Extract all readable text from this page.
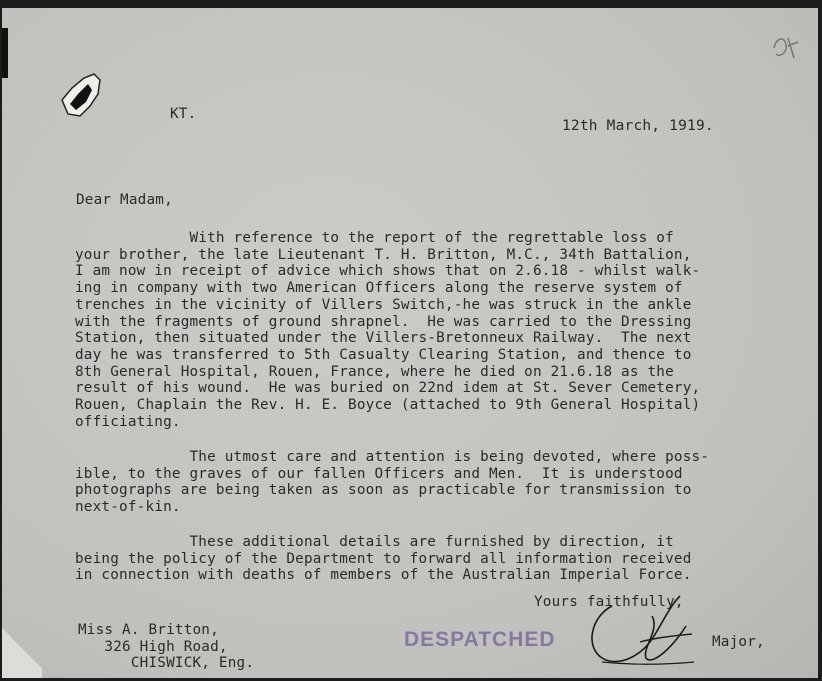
KT.
12th March, 1919.
Dear Madam,
With reference to the report of the regrettable loss of
your brother, the late Lieutenant T. H. Britton, M.C., 34th Battalion,
I am now in receipt of advice which shows that on 2.6.18 - whilst walk-
ing in company with two American Officers along the reserve system of
trenches in the vicinity of Villers Switch,-he was struck in the ankle
with the fragments of ground shrapnel.  He was carried to the Dressing
Station, then situated under the Villers-Bretonneux Railway.  The next
day he was transferred to 5th Casualty Clearing Station, and thence to
8th General Hospital, Rouen, France, where he died on 21.6.18 as the
result of his wound.  He was buried on 22nd idem at St. Sever Cemetery,
Rouen, Chaplain the Rev. H. E. Boyce (attached to 9th General Hospital)
officiating.
The utmost care and attention is being devoted, where poss-
ible, to the graves of our fallen Officers and Men.  It is understood
photographs are being taken as soon as practicable for transmission to
next-of-kin.
These additional details are furnished by direction, it
being the policy of the Department to forward all information received
in connection with deaths of members of the Australian Imperial Force.
Yours faithfully,
Miss A. Britton,
326 High Road,
CHISWICK, Eng.
Major,
DESPATCHED
